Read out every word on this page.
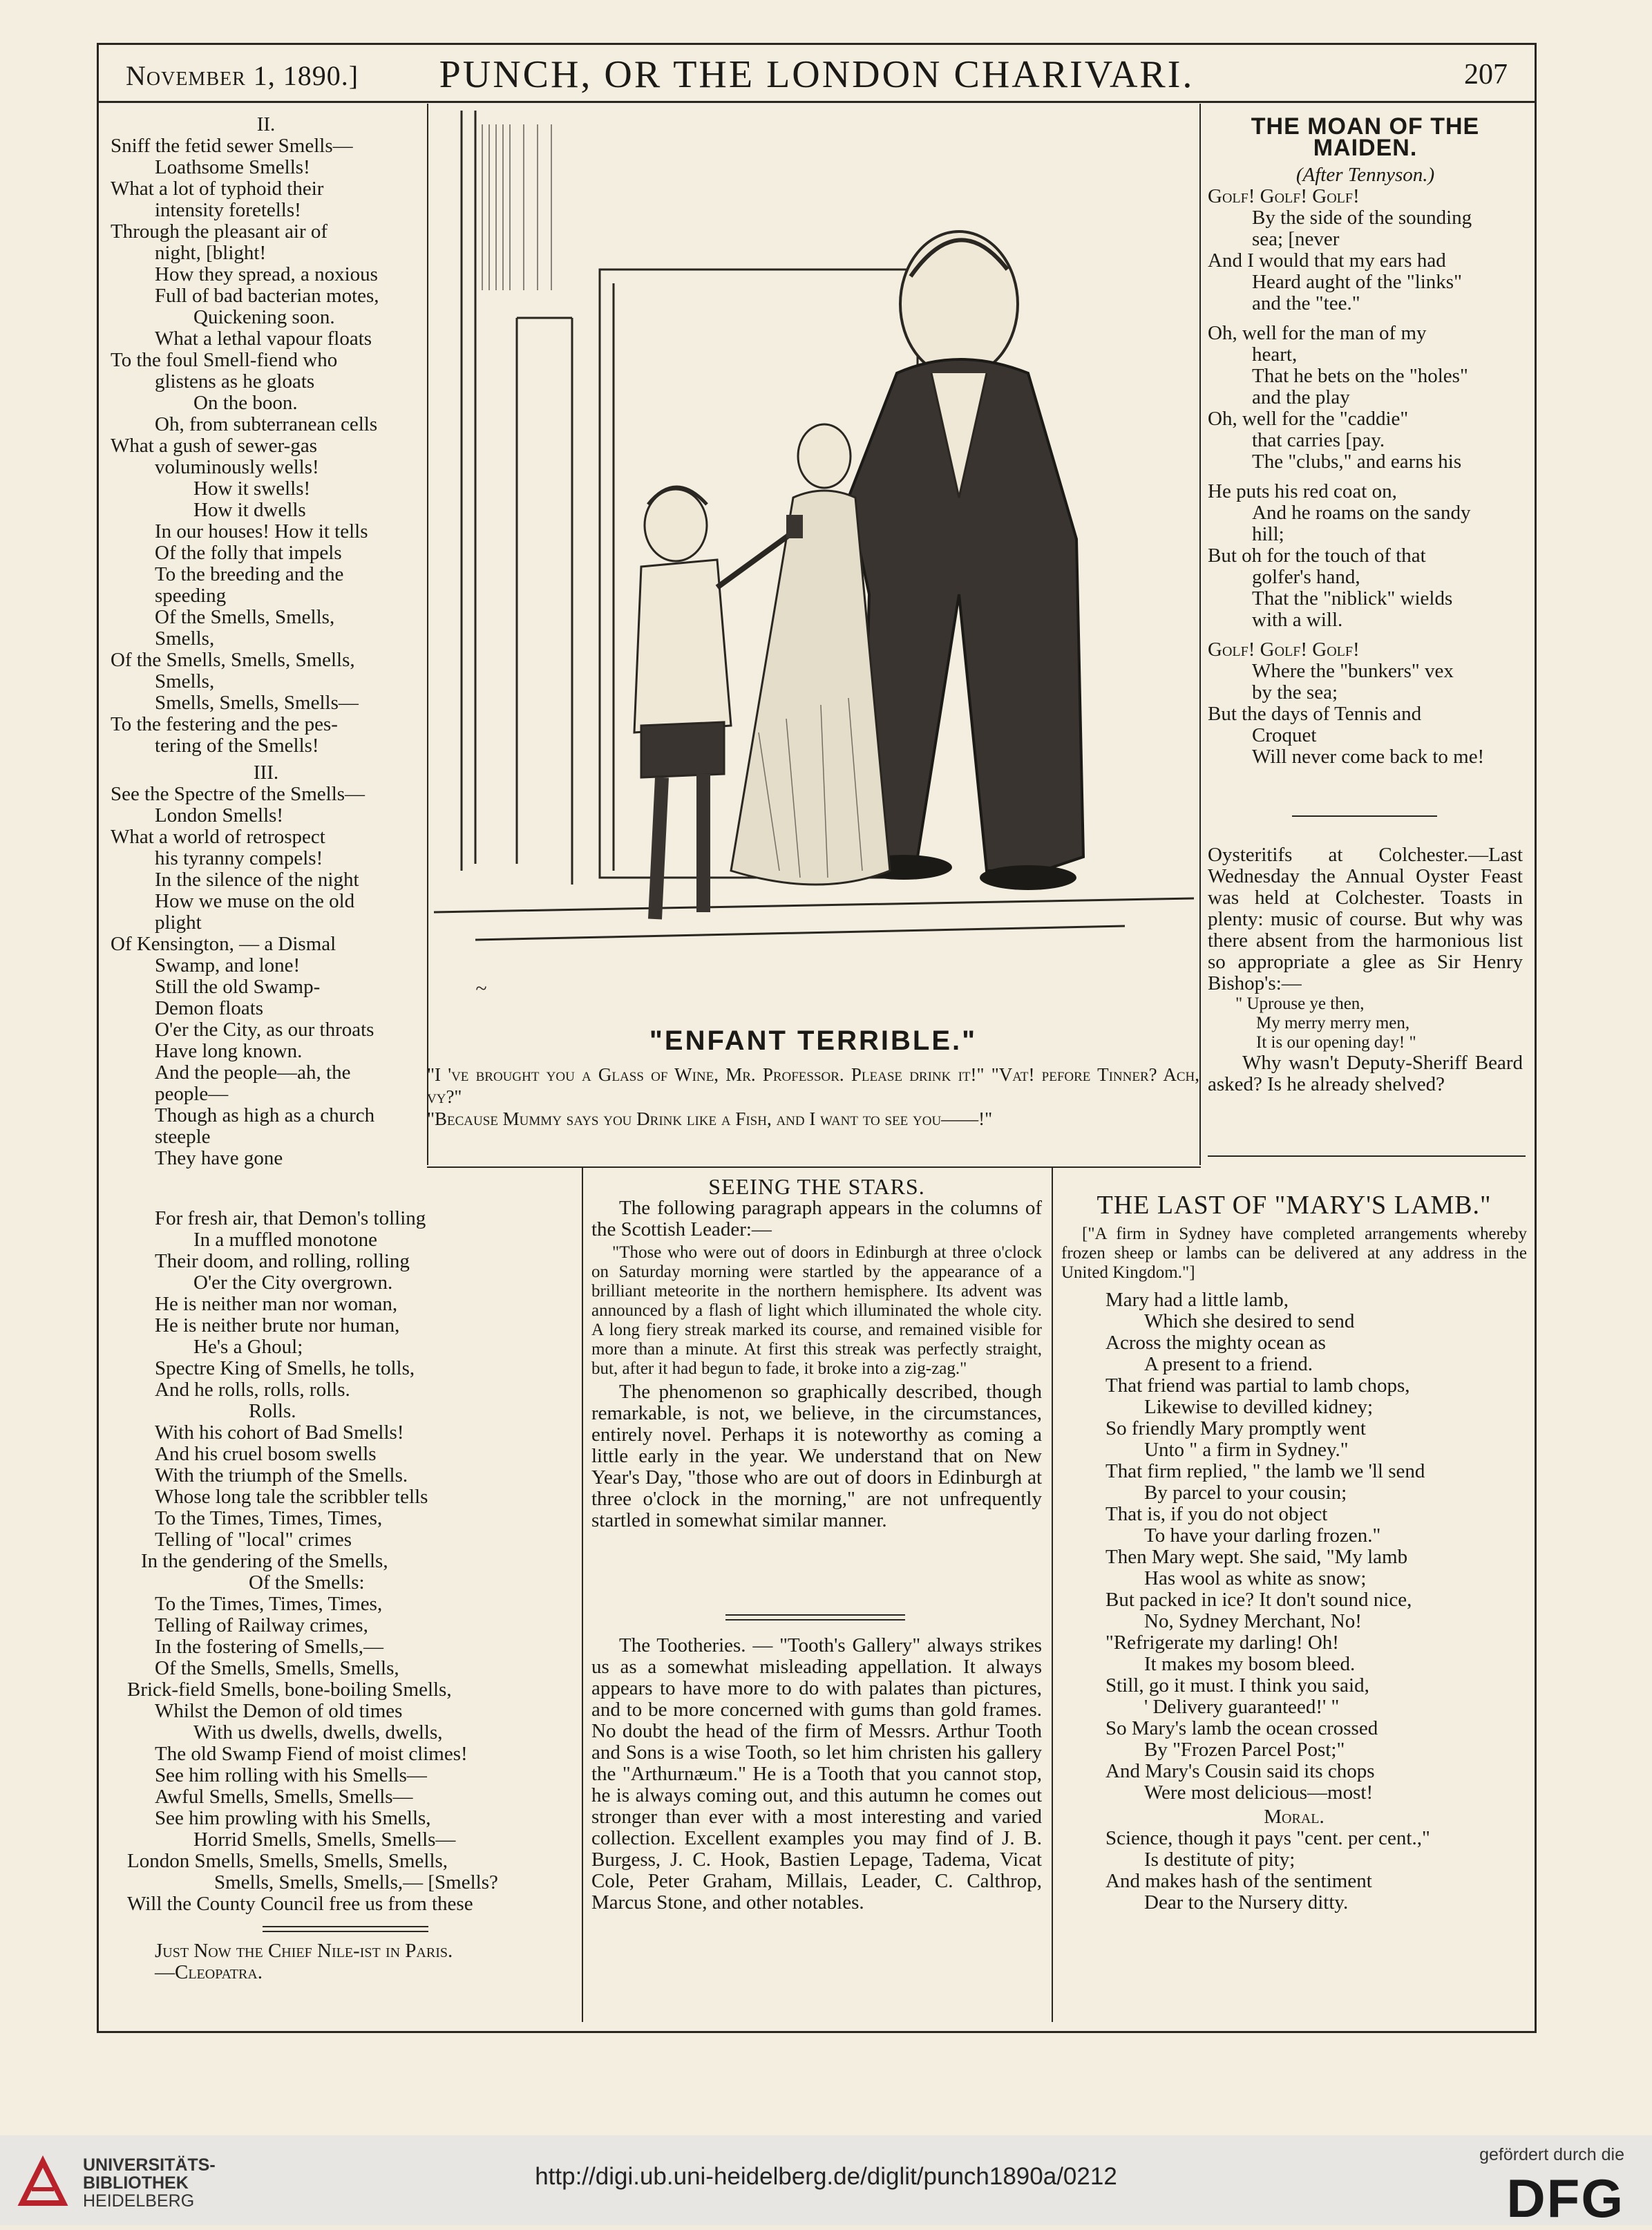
November 1, 1890.]	PUNCH, OR THE LONDON CHARIVARI.	207

II.

Sniff the fetid sewer Smells—

Loathsome Smells!

What a lot of typhoid their

intensity foretells!

Through the pleasant air of

night, [blight!

How they spread, a noxious

Full of bad bacterian motes,

Quickening soon.

What a lethal vapour floats

To the foul Smell-fiend who

glistens as he gloats

On the boon.

Oh, from subterranean cells

What a gush of sewer-gas

voluminously wells!

How it swells!

How it dwells

In our houses! How it tells

Of the folly that impels

To the breeding and the

speeding

Of the Smells, Smells,

Smells,

Of the Smells, Smells, Smells,

Smells,

Smells, Smells, Smells—

To the festering and the pes-

tering of the Smells!

III.

See the Spectre of the Smells—

London Smells!

What a world of retrospect

his tyranny compels!

In the silence of the night

How we muse on the old

plight

Of Kensington, — a Dismal

Swamp, and lone!

Still the old Swamp-

Demon floats

O'er the City, as our throats

Have long known.

And the people—ah, the

people—

Though as high as a church

steeple

They have gone

For fresh air, that Demon's tolling

In a muffled monotone

Their doom, and rolling, rolling

O'er the City overgrown.

He is neither man nor woman,

He is neither brute nor human,

He's a Ghoul;

Spectre King of Smells, he tolls,

And he rolls, rolls, rolls.

Rolls.

With his cohort of Bad Smells!

And his cruel bosom swells

With the triumph of the Smells.

Whose long tale the scribbler tells

To the Times, Times, Times,

Telling of "local" crimes

In the gendering of the Smells,

Of the Smells:

To the Times, Times, Times,

Telling of Railway crimes,

In the fostering of Smells,—

Of the Smells, Smells, Smells,

Brick-field Smells, bone-boiling Smells,

Whilst the Demon of old times

With us dwells, dwells, dwells,

The old Swamp Fiend of moist climes!

See him rolling with his Smells—

Awful Smells, Smells, Smells—

See him prowling with his Smells,

Horrid Smells, Smells, Smells—

London Smells, Smells, Smells, Smells,

Smells, Smells, Smells,— [Smells?

Will the County Council free us from these

Just Now the Chief Nile-ist in Paris.

—Cleopatra.

~
"ENFANT TERRIBLE."
"I 've brought you a Glass of Wine, Mr. Professor. Please drink it!" "Vat! pefore Tinner? Ach, vy?"
"Because Mummy says you Drink like a Fish, and I want to see you——!"

THE MOAN OF THE MAIDEN.

(After Tennyson.)

Golf! Golf! Golf!

By the side of the sounding

sea; [never

And I would that my ears had

Heard aught of the "links"

and the "tee."

Oh, well for the man of my

heart,

That he bets on the "holes"

and the play

Oh, well for the "caddie"

that carries [pay.

The "clubs," and earns his

He puts his red coat on,

And he roams on the sandy

hill;

But oh for the touch of that

golfer's hand,

That the "niblick" wields

with a will.

Golf! Golf! Golf!

Where the "bunkers" vex

by the sea;

But the days of Tennis and

Croquet

Will never come back to me!

Oysteritifs at Colchester.—Last Wednesday the Annual Oyster Feast was held at Colchester. Toasts in plenty: music of course. But why was there absent from the harmonious list so appropriate a glee as Sir Henry Bishop's:—

" Uprouse ye then,

My merry merry men,

It is our opening day! "

Why wasn't Deputy-Sheriff Beard asked? Is he already shelved?

SEEING THE STARS.

The following paragraph appears in the columns of the Scottish Leader:—

"Those who were out of doors in Edinburgh at three o'clock on Saturday morning were startled by the appearance of a brilliant meteorite in the northern hemisphere. Its advent was announced by a flash of light which illuminated the whole city. A long fiery streak marked its course, and remained visible for more than a minute. At first this streak was perfectly straight, but, after it had begun to fade, it broke into a zig-zag."

The phenomenon so graphically described, though remarkable, is not, we believe, in the circumstances, entirely novel. Perhaps it is noteworthy as coming a little early in the year. We understand that on New Year's Day, "those who are out of doors in Edinburgh at three o'clock in the morning," are not unfrequently startled in somewhat similar manner.

The Tootheries. — "Tooth's Gallery" always strikes us as a somewhat misleading appellation. It always appears to have more to do with palates than pictures, and to be more concerned with gums than gold frames. No doubt the head of the firm of Messrs. Arthur Tooth and Sons is a wise Tooth, so let him christen his gallery the "Arthurnæum." He is a Tooth that you cannot stop, he is always coming out, and this autumn he comes out stronger than ever with a most interesting and varied collection. Excellent examples you may find of J. B. Burgess, J. C. Hook, Bastien Lepage, Tadema, Vicat Cole, Peter Graham, Millais, Leader, C. Calthrop, Marcus Stone, and other notables.

THE LAST OF "MARY'S LAMB."

["A firm in Sydney have completed arrangements whereby frozen sheep or lambs can be delivered at any address in the United Kingdom."]

Mary had a little lamb,

Which she desired to send

Across the mighty ocean as

A present to a friend.

That friend was partial to lamb chops,

Likewise to devilled kidney;

So friendly Mary promptly went

Unto " a firm in Sydney."

That firm replied, " the lamb we 'll send

By parcel to your cousin;

That is, if you do not object

To have your darling frozen."

Then Mary wept. She said, "My lamb

Has wool as white as snow;

But packed in ice? It don't sound nice,

No, Sydney Merchant, No!

"Refrigerate my darling! Oh!

It makes my bosom bleed.

Still, go it must. I think you said,

' Delivery guaranteed!' "

So Mary's lamb the ocean crossed

By "Frozen Parcel Post;"

And Mary's Cousin said its chops

Were most delicious—most!

Moral.

Science, though it pays "cent. per cent.,"

Is destitute of pity;

And makes hash of the sentiment

Dear to the Nursery ditty.

UNIVERSITÄTS-
BIBLIOTHEK
HEIDELBERG
http://digi.ub.uni-heidelberg.de/diglit/punch1890a/0212
gefördert durch die
DFG
